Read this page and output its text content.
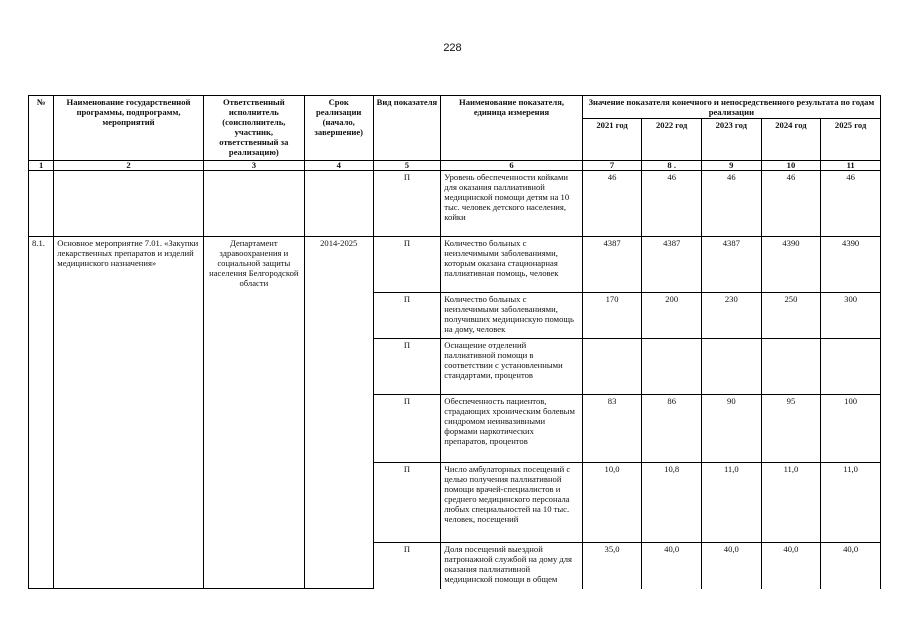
228
№	Наименование государственной программы, подпрограмм, мероприятий	Ответственный исполнитель (соисполнитель, участник, ответственный за реализацию)	Срок реализации (начало, завершение)	Вид показателя	Наименование показателя, единица измерения	Значение показателя конечного и непосредственного результата по годам реализации				
						2021 год	2022 год	2023 год	2024 год	2025 год
1	2	3	4	5	6	7	8 .	9	10	11
				П	Уровень обеспеченности койками для оказания паллиативной медицинской помощи детям на 10 тыс. человек детского населения, койки	46	46	46	46	46
8.1.	Основное мероприятие 7.01. «Закупки лекарственных препаратов и изделий медицинского назначения»	Департамент здравоохранения и социальной защиты населения Белгородской области	2014-2025	П	Количество больных с неизлечимыми заболеваниями, которым оказана стационарная паллиативная помощь, человек	4387	4387	4387	4390	4390
				П	Количество больных с неизлечимыми заболеваниями, получивших медицинскую помощь на дому, человек	170	200	230	250	300
				П	Оснащение отделений паллиативной помощи в соответствии с установленными стандартами, процентов					
				П	Обеспеченность пациентов, страдающих хроническим болевым синдромом неинвазивными формами наркотических препаратов, процентов	83	86	90	95	100
				П	Число амбулаторных посещений с целью получения паллиативной помощи врачей-специалистов и среднего медицинского персонала любых специальностей на 10 тыс. человек, посещений	10,0	10,8	11,0	11,0	11,0
				П	Доля посещений выездной патронажной службой на дому для оказания паллиативной медицинской помощи в общем	35,0	40,0	40,0	40,0	40,0
